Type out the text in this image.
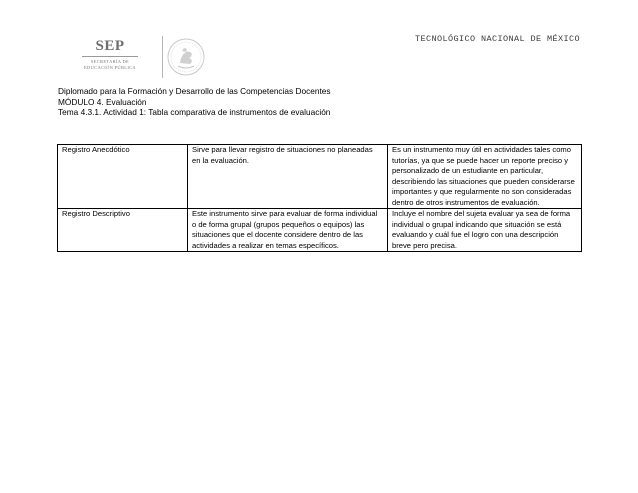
SEP
SECRETARÍA DE
EDUCACIÓN PÚBLICA
TECNOLÓGICO NACIONAL DE MÉXICO
Diplomado para la Formación y Desarrollo de las Competencias Docentes
MÓDULO 4. Evaluación
Tema 4.3.1. Actividad 1: Tabla comparativa de instrumentos de evaluación
Registro Anecdótico	Sirve para llevar registro de situaciones no planeadas en la evaluación.	Es un instrumento muy útil en actividades tales como tutorías, ya que se puede hacer un reporte preciso y personalizado de un estudiante en particular, describiendo las situaciones que pueden considerarse importantes y que regularmente no son consideradas dentro de otros instrumentos de evaluación.
Registro Descriptivo	Este instrumento sirve para evaluar de forma individual o de forma grupal (grupos pequeños o equipos) las situaciones que el docente considere dentro de las actividades a realizar en temas específicos.	Incluye el nombre del sujeta evaluar ya sea de forma individual o grupal indicando que situación se está evaluando y cuál fue el logro con una descripción breve pero precisa.
